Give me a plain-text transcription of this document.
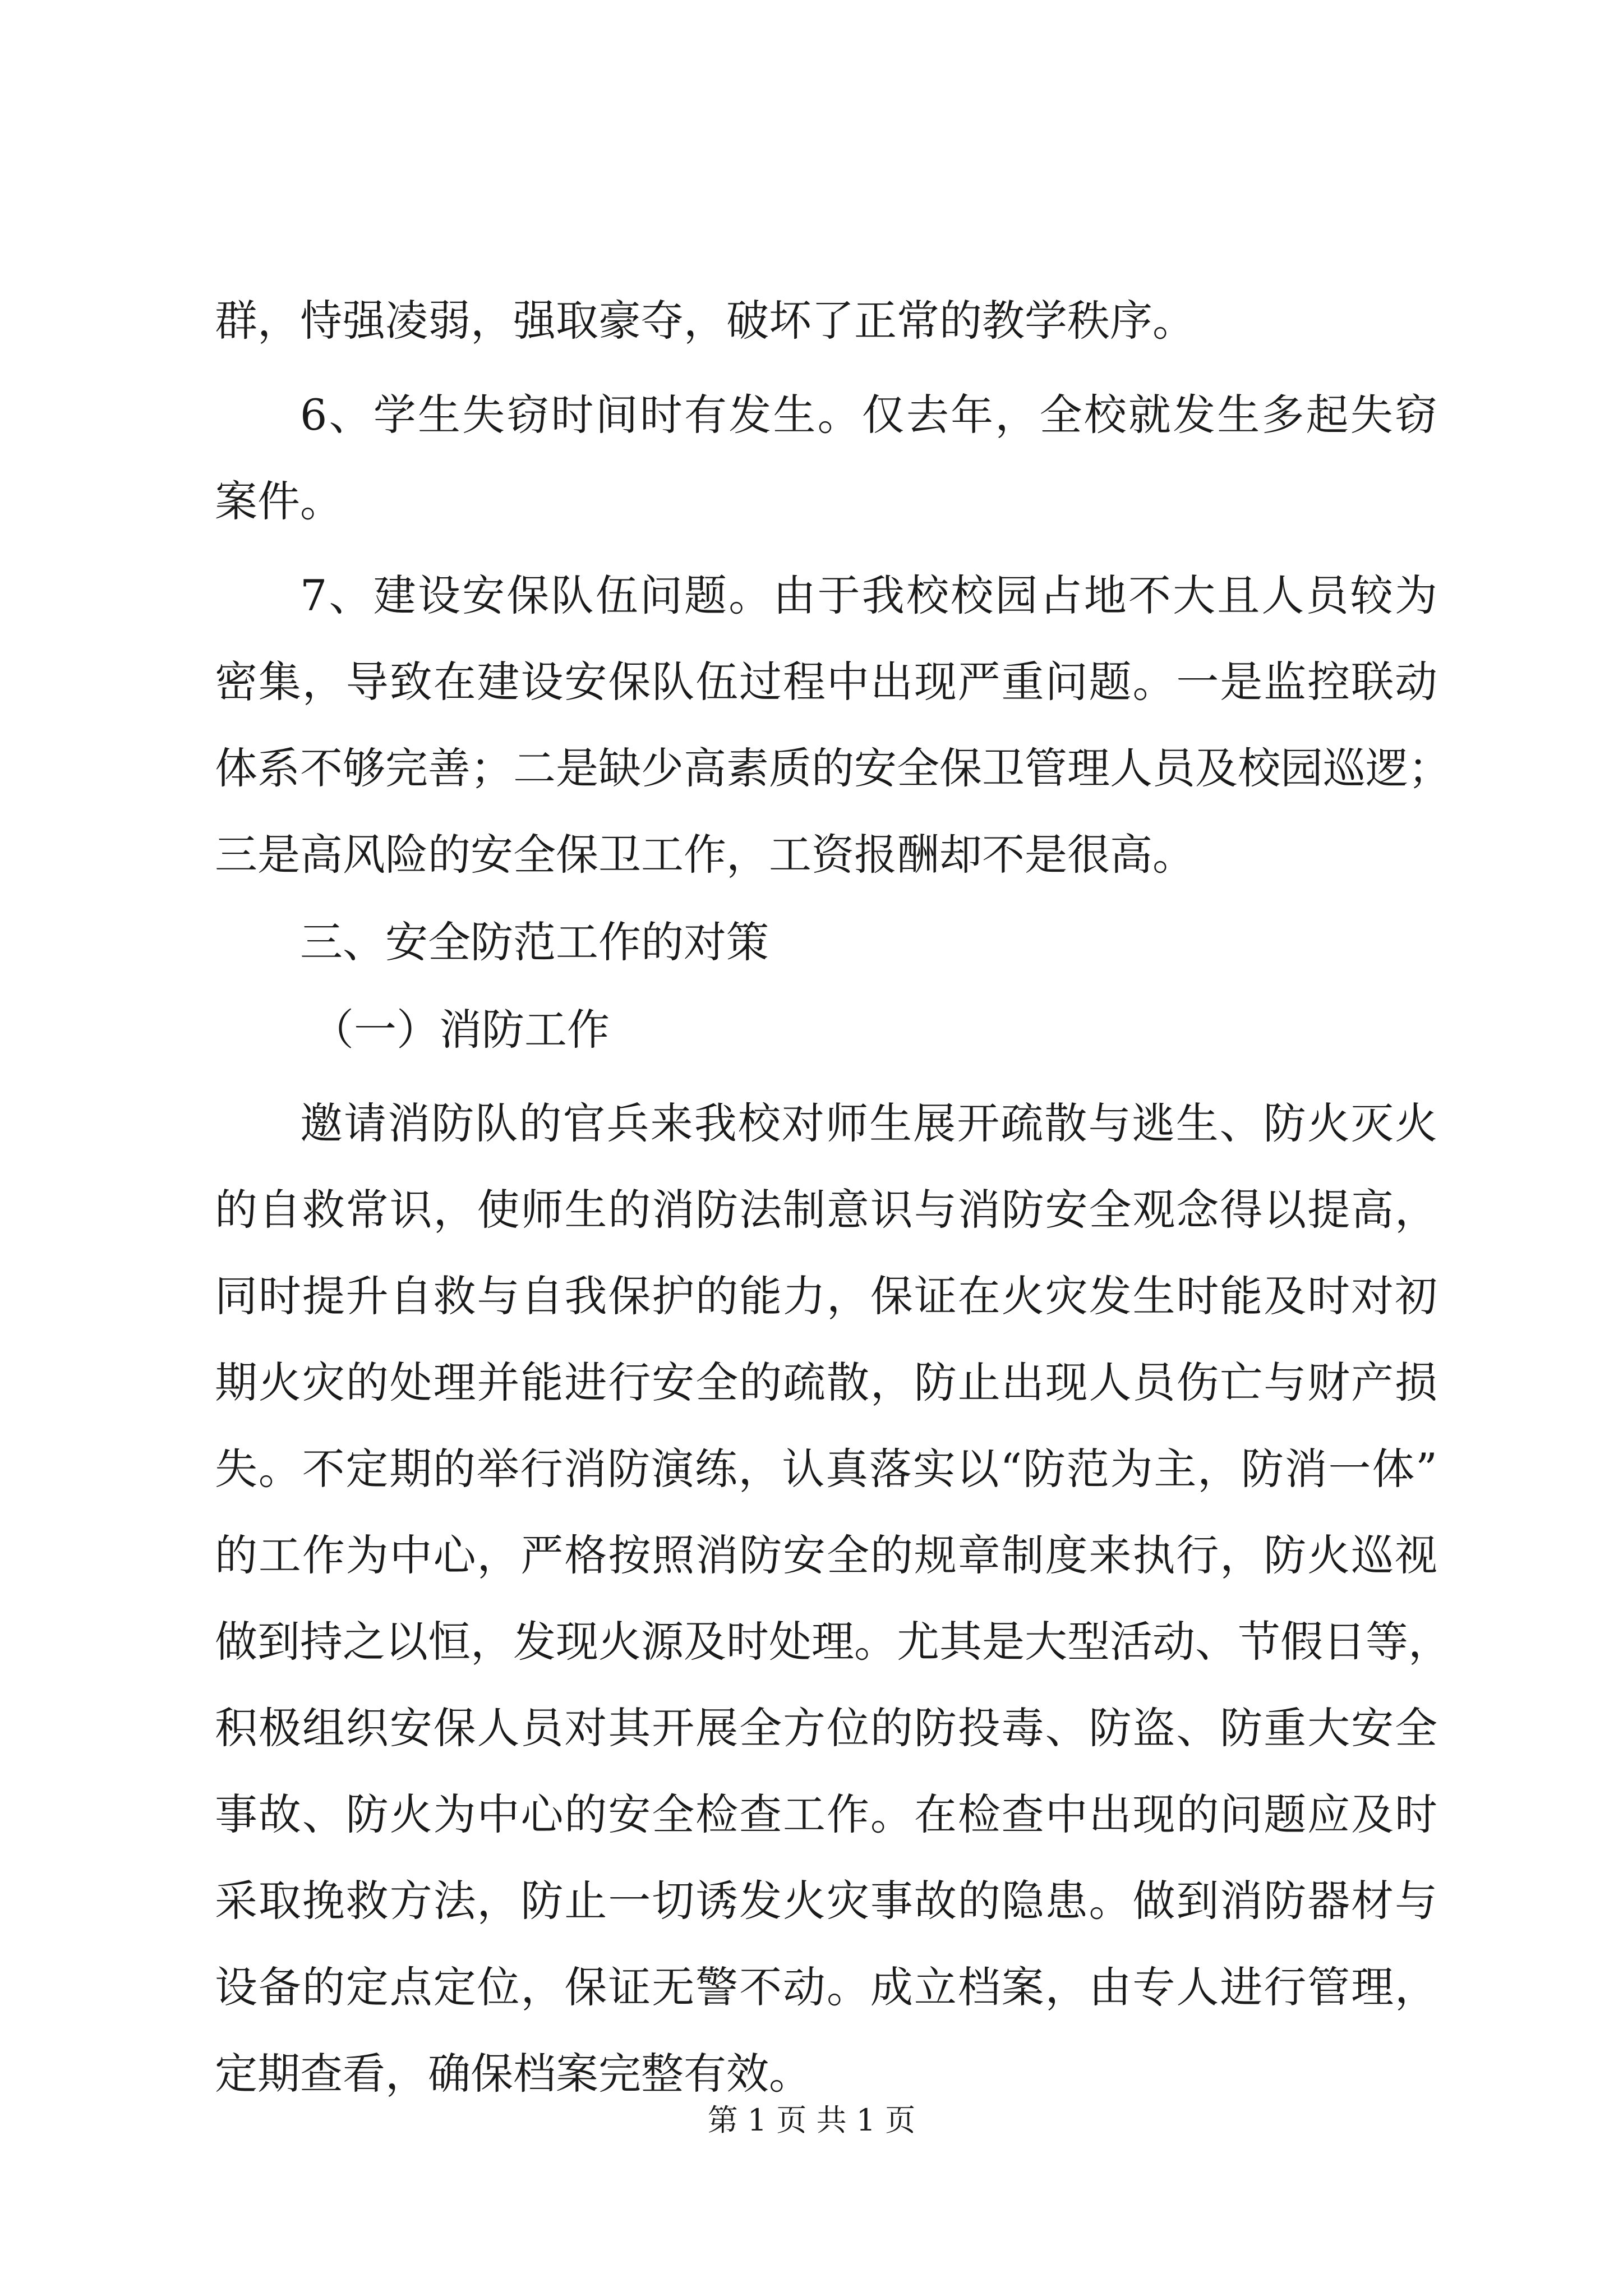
群，恃强凌弱，强取豪夺，破坏了正常的教学秩序。
6、学生失窃时间时有发生。仅去年，全校就发生多起失窃
案件。
7、建设安保队伍问题。由于我校校园占地不大且人员较为
密集，导致在建设安保队伍过程中出现严重问题。一是监控联动
体系不够完善；二是缺少高素质的安全保卫管理人员及校园巡逻；
三是高风险的安全保卫工作，工资报酬却不是很高。
三、安全防范工作的对策
（一）消防工作
邀请消防队的官兵来我校对师生展开疏散与逃生、防火灭火
的自救常识，使师生的消防法制意识与消防安全观念得以提高，
同时提升自救与自我保护的能力，保证在火灾发生时能及时对初
期火灾的处理并能进行安全的疏散，防止出现人员伤亡与财产损
失。不定期的举行消防演练，认真落实以“防范为主，防消一体”
的工作为中心，严格按照消防安全的规章制度来执行，防火巡视
做到持之以恒，发现火源及时处理。尤其是大型活动、节假日等，
积极组织安保人员对其开展全方位的防投毒、防盗、防重大安全
事故、防火为中心的安全检查工作。在检查中出现的问题应及时
采取挽救方法，防止一切诱发火灾事故的隐患。做到消防器材与
设备的定点定位，保证无警不动。成立档案，由专人进行管理，
定期查看，确保档案完整有效。
第 1 页 共 1 页
